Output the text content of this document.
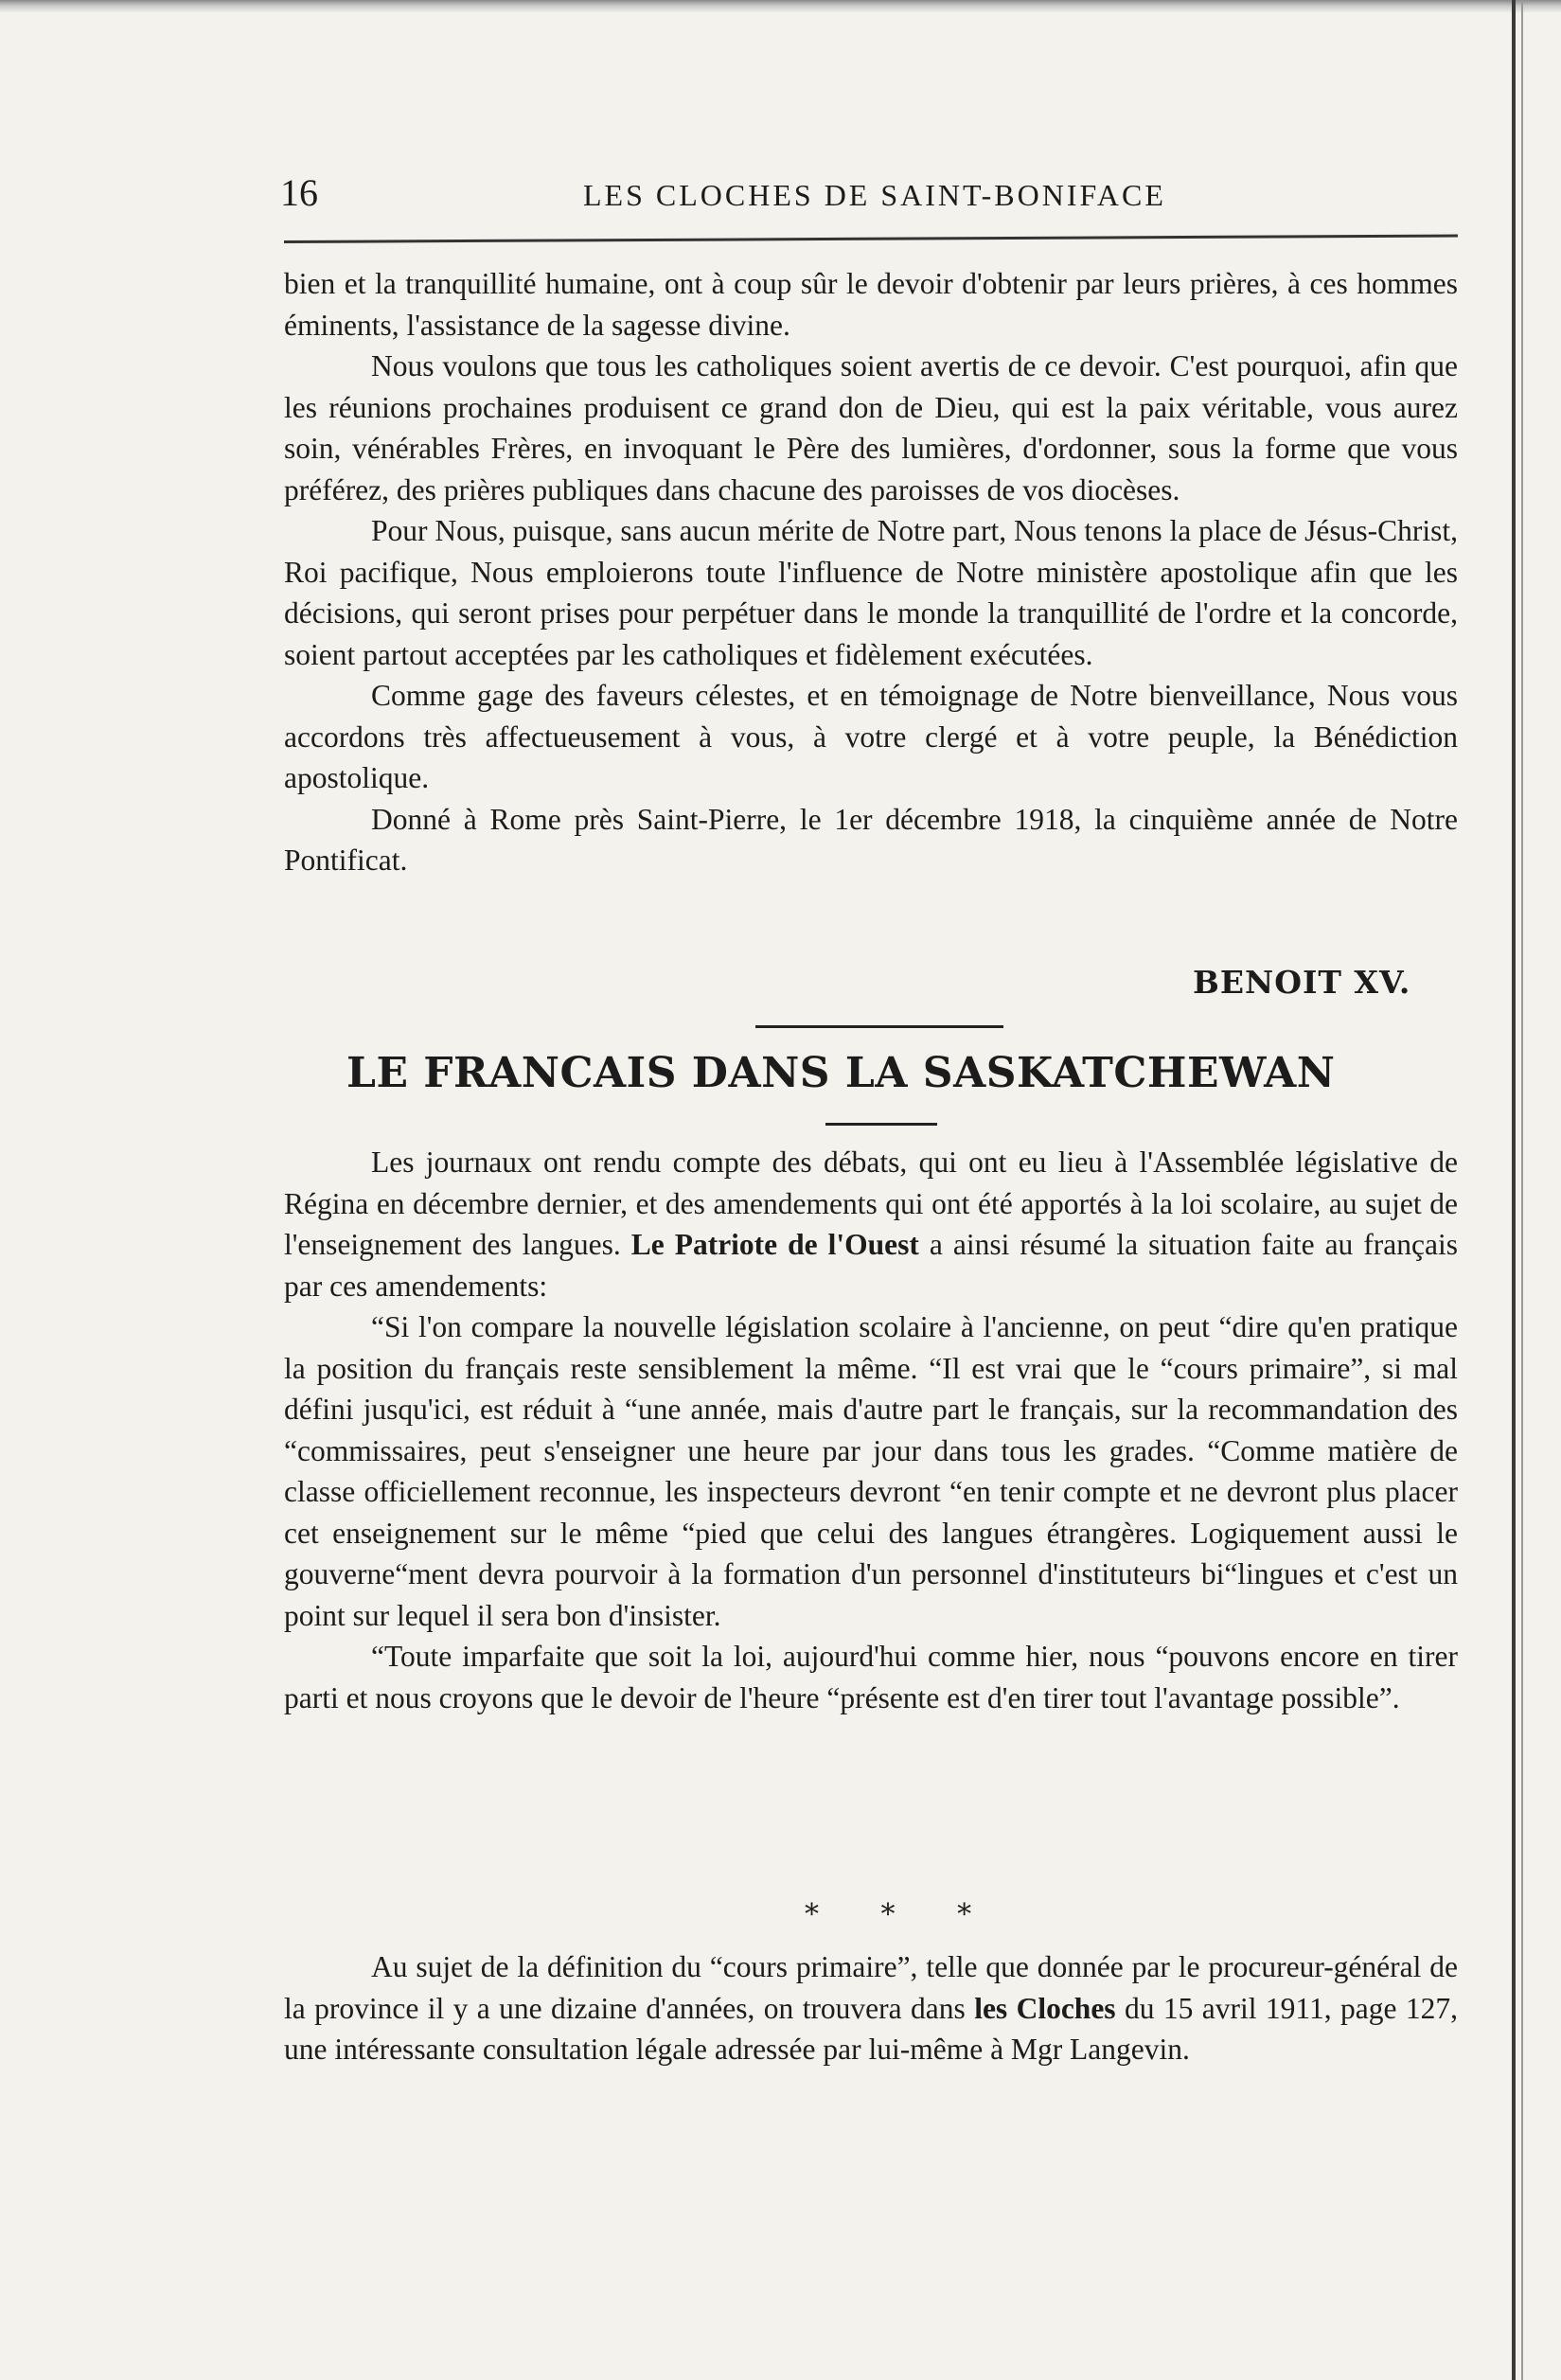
16	LES CLOCHES DE SAINT-BONIFACE

bien et la tranquillité humaine, ont à coup sûr le devoir d'obtenir par leurs prières, à ces hommes éminents, l'assistance de la sagesse divine.

Nous voulons que tous les catholiques soient avertis de ce devoir. C'est pourquoi, afin que les réunions prochaines produisent ce grand don de Dieu, qui est la paix véritable, vous aurez soin, vénérables Frères, en invoquant le Père des lumières, d'ordonner, sous la forme que vous préférez, des prières publiques dans chacune des paroisses de vos diocèses.

Pour Nous, puisque, sans aucun mérite de Notre part, Nous tenons la place de Jésus-Christ, Roi pacifique, Nous emploierons toute l'influence de Notre ministère apostolique afin que les décisions, qui seront prises pour perpétuer dans le monde la tranquillité de l'ordre et la concorde, soient partout acceptées par les catholiques et fidèlement exécutées.

Comme gage des faveurs célestes, et en témoignage de Notre bienveillance, Nous vous accordons très affectueusement à vous, à votre clergé et à votre peuple, la Bénédiction apostolique.

Donné à Rome près Saint-Pierre, le 1er décembre 1918, la cinquième année de Notre Pontificat.

BENOIT XV.
LE FRANCAIS DANS LA SASKATCHEWAN

Les journaux ont rendu compte des débats, qui ont eu lieu à l'Assemblée législative de Régina en décembre dernier, et des amendements qui ont été apportés à la loi scolaire, au sujet de l'enseignement des langues. Le Patriote de l'Ouest a ainsi résumé la situation faite au français par ces amendements:

“Si l'on compare la nouvelle législation scolaire à l'ancienne, on peut “dire qu'en pratique la position du français reste sensiblement la même. “Il est vrai que le “cours primaire”, si mal défini jusqu'ici, est réduit à “une année, mais d'autre part le français, sur la recommandation des “commissaires, peut s'enseigner une heure par jour dans tous les grades. “Comme matière de classe officiellement reconnue, les inspecteurs devront “en tenir compte et ne devront plus placer cet enseignement sur le même “pied que celui des langues étrangères. Logiquement aussi le gouverne“ment devra pourvoir à la formation d'un personnel d'instituteurs bi“lingues et c'est un point sur lequel il sera bon d'insister.

“Toute imparfaite que soit la loi, aujourd'hui comme hier, nous “pouvons encore en tirer parti et nous croyons que le devoir de l'heure “présente est d'en tirer tout l'avantage possible”.

* * *

Au sujet de la définition du “cours primaire”, telle que donnée par le procureur-général de la province il y a une dizaine d'années, on trouvera dans les Cloches du 15 avril 1911, page 127, une intéressante consultation légale adressée par lui-même à Mgr Langevin.
